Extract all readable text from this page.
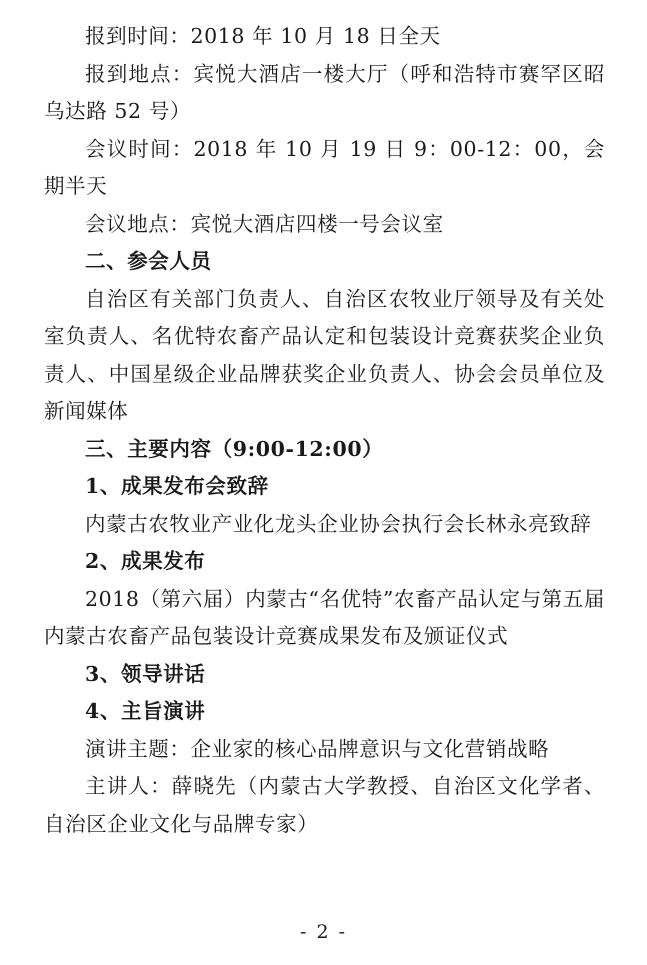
报到时间：2018 年 10 月 18 日全天

报到地点：宾悦大酒店一楼大厅（呼和浩特市赛罕区昭乌达路 52 号）

会议时间：2018 年 10 月 19 日 9：00-12：00，会期半天

会议地点：宾悦大酒店四楼一号会议室

二、参会人员

自治区有关部门负责人、自治区农牧业厅领导及有关处室负责人、名优特农畜产品认定和包装设计竞赛获奖企业负责人、中国星级企业品牌获奖企业负责人、协会会员单位及新闻媒体

三、主要内容（9:00-12:00）

1、成果发布会致辞

内蒙古农牧业产业化龙头企业协会执行会长林永亮致辞

2、成果发布

2018（第六届）内蒙古“名优特”农畜产品认定与第五届内蒙古农畜产品包装设计竞赛成果发布及颁证仪式

3、领导讲话

4、主旨演讲

演讲主题：企业家的核心品牌意识与文化营销战略

主讲人：薛晓先（内蒙古大学教授、自治区文化学者、自治区企业文化与品牌专家）

- 2 -
